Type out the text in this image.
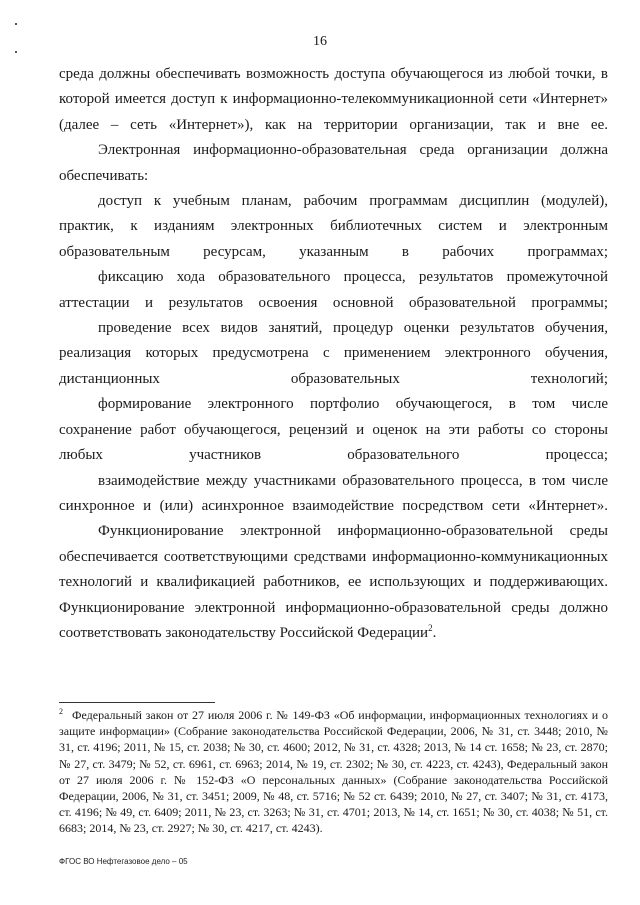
16

среда должны обеспечивать возможность доступа обучающегося из любой точки, в которой имеется доступ к информационно-телекоммуникационной сети «Интернет» (далее – сеть «Интернет»), как на территории организации, так и вне ее.

Электронная информационно-образовательная среда организации должна обеспечивать:

доступ к учебным планам, рабочим программам дисциплин (модулей), практик, к изданиям электронных библиотечных систем и электронным образовательным ресурсам, указанным в рабочих программах;

фиксацию хода образовательного процесса, результатов промежуточной аттестации и результатов освоения основной образовательной программы;

проведение всех видов занятий, процедур оценки результатов обучения, реализация которых предусмотрена с применением электронного обучения, дистанционных образовательных технологий;

формирование электронного портфолио обучающегося, в том числе сохранение работ обучающегося, рецензий и оценок на эти работы со стороны любых участников образовательного процесса;

взаимодействие между участниками образовательного процесса, в том числе синхронное и (или) асинхронное взаимодействие посредством сети «Интернет».

Функционирование электронной информационно-образовательной среды обеспечивается соответствующими средствами информационно-коммуникационных технологий и квалификацией работников, ее использующих и поддерживающих. Функционирование электронной информационно-образовательной среды должно соответствовать законодательству Российской Федерации$^2$.

$^2$ Федеральный закон от 27 июля 2006 г. № 149-ФЗ «Об информации, информационных технологиях и о защите информации» (Собрание законодательства Российской Федерации, 2006, № 31, ст. 3448; 2010, № 31, ст. 4196; 2011, № 15, ст. 2038; № 30, ст. 4600; 2012, № 31, ст. 4328; 2013, № 14 ст. 1658; № 23, ст. 2870; № 27, ст. 3479; № 52, ст. 6961, ст. 6963; 2014, № 19, ст. 2302; № 30, ст. 4223, ст. 4243), Федеральный закон от 27 июля 2006 г. № 152-ФЗ «О персональных данных» (Собрание законодательства Российской Федерации, 2006, № 31, ст. 3451; 2009, № 48, ст. 5716; № 52 ст. 6439; 2010, № 27, ст. 3407; № 31, ст. 4173, ст. 4196; № 49, ст. 6409; 2011, № 23, ст. 3263; № 31, ст. 4701; 2013, № 14, ст. 1651; № 30, ст. 4038; № 51, ст. 6683; 2014, № 23, ст. 2927; № 30, ст. 4217, ст. 4243).
ФГОС ВО Нефтегазовое дело – 05
